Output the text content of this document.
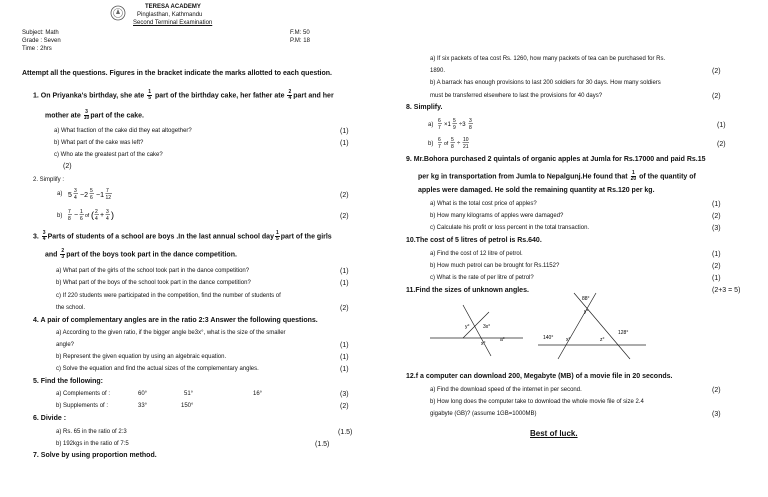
TERESA ACADEMY
Pinglasthan, Kathmandu
Second Terminal Examination
Subject: Math
Grade : Seven
Time : 2hrs
F.M: 50
P.M: 18
Attempt all the questions. Figures in the bracket indicate the marks allotted to each question.
1. On Priyanka's birthday, she ate $\frac{1}{5}$ part of the birthday cake, her father ate $\frac{2}{4}$ part and her
mother ate $\frac{3}{10}$ part of the cake.
a) What fraction of the cake did they eat altogether?	(1)
b) What part of the cake was left?	(1)
c) Who ate the greatest part of the cake?
(2)
2. Simplify :
a) 5
3
4 −2
5
6 −1
7
12	(2)
b)
7
8 − 1
6 of ( 2
4 + 3
4 )	(2)
3. $\frac{3}{4}$ Parts of students of a school are boys .In the last annual school day $\frac{1}{5}$ part of the girls
and $\frac{2}{3}$ part of the boys took part in the dance competition.
a) What part of the girls of the school took part in the dance competition?	(1)
b) What part of the boys of the school took part in the dance competition?	(1)
c) If 220 students were participated in the competition, find the number of students of
the school.	(2)
4. A pair of complementary angles are in the ratio 2:3 Answer the following questions.
a) According to the given ratio, if the bigger angle be3x°, what is the size of the smaller
angle?	(1)
b) Represent the given equation by using an algebraic equation.	(1)
c) Solve the equation and find the actual sizes of the complementary angles.	(1)
5. Find the following:
a) Complements of :	60°	51°	16°	(3)
b) Supplements of :	33°	150°	(2)
6. Divide :
a) Rs. 65 in the ratio of 2:3	(1.5)
b) 192kgs in the ratio of 7:5	(1.5)
7. Solve by using proportion method.
a) If six packets of tea cost Rs. 1260, how many packets of tea can be purchased for Rs.
1890.	(2)
b) A barrack has enough provisions to last 200 soldiers for 30 days. How many soldiers
must be transferred elsewhere to last the provisions for 40 days?	(2)
8. Simplify.
a)
6
7 ×1
5
9 ÷3
3
8	(1)
b)
6
7 of
5
8 ÷
10
21	(2)
9. Mr.Bohora purchased 2 quintals of organic apples at Jumla for Rs.17000 and paid Rs.15
per kg in transportation from Jumla to Nepalgunj.He found that $\frac{1}{20}$ of the quantity of
apples were damaged. He sold the remaining quantity at Rs.120 per kg.
a) What is the total cost price of apples?	(1)
b) How many kilograms of apples were damaged?	(2)
c) Calculate his profit or loss percent in the total transaction.	(3)
10.The cost of 5 litres of petrol is Rs.640.
a) Find the cost of 12 litre of petrol.	(1)
b) How much petrol can be brought for Rs.1152?	(2)
c) What is the rate of per litre of petrol?	(1)
11.Find the sizes of unknown angles.	(2+3 = 5)
y°	3x°
x°
a°
88°
y°
128°
140°	x°	z°
12.f a computer can download 200, Megabyte (MB) of a movie file in 20 seconds.
a) Find the download speed of the internet in per second.	(2)
b) How long does the computer take to download the whole movie file of size 2.4
gigabyte (GB)? (assume 1GB=1000MB)	(3)
Best of luck.
